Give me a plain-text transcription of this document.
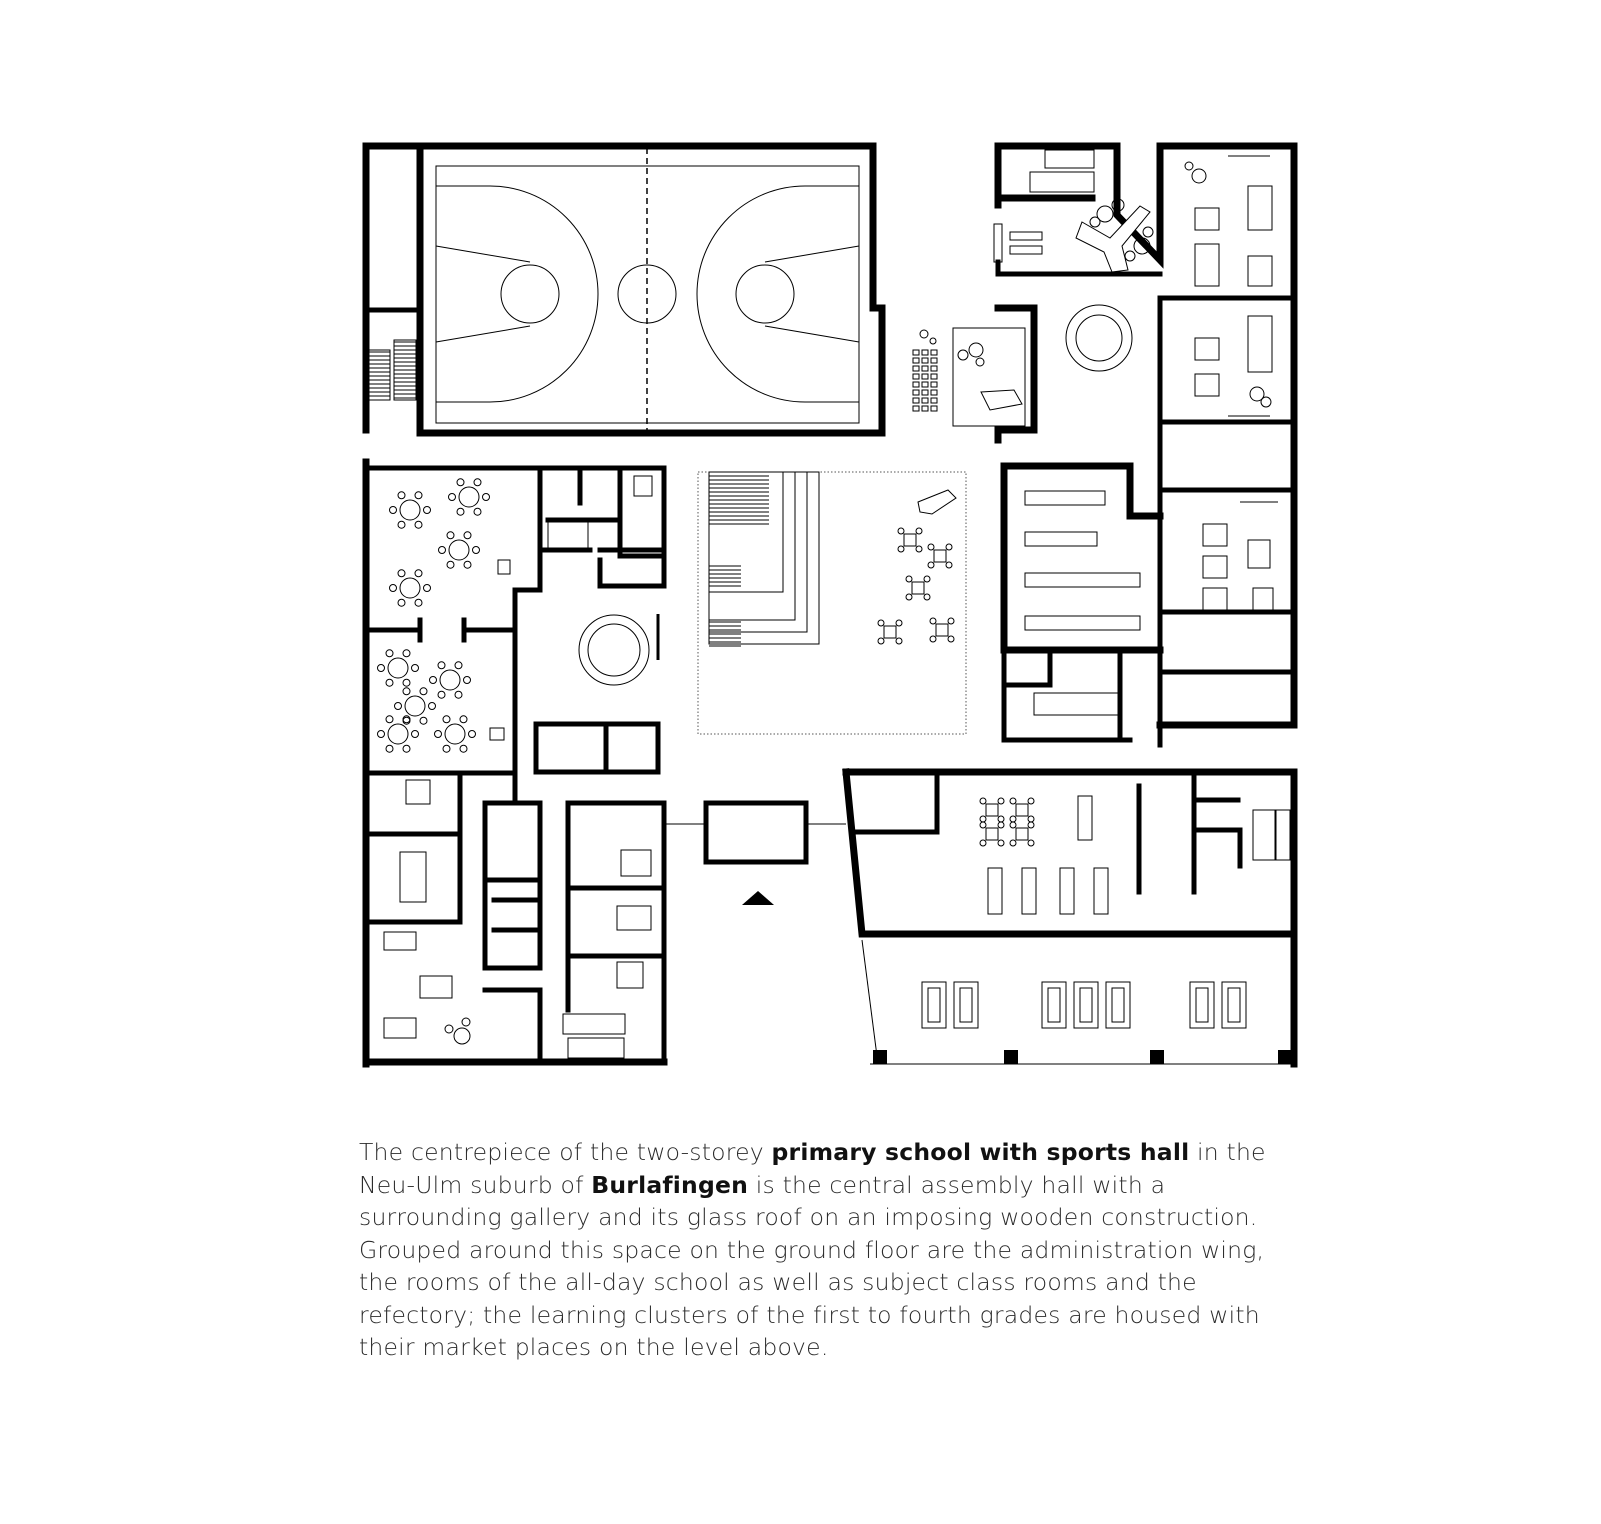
The centrepiece of the two-storey primary school with sports hall in the Neu-Ulm suburb of Burlafingen is the central assembly hall with a surrounding gallery and its glass roof on an imposing wooden construction. Grouped around this space on the ground floor are the administration wing, the rooms of the all-day school as well as subject class rooms and the refectory; the learning clusters of the first to fourth grades are housed with their market places on the level above.
